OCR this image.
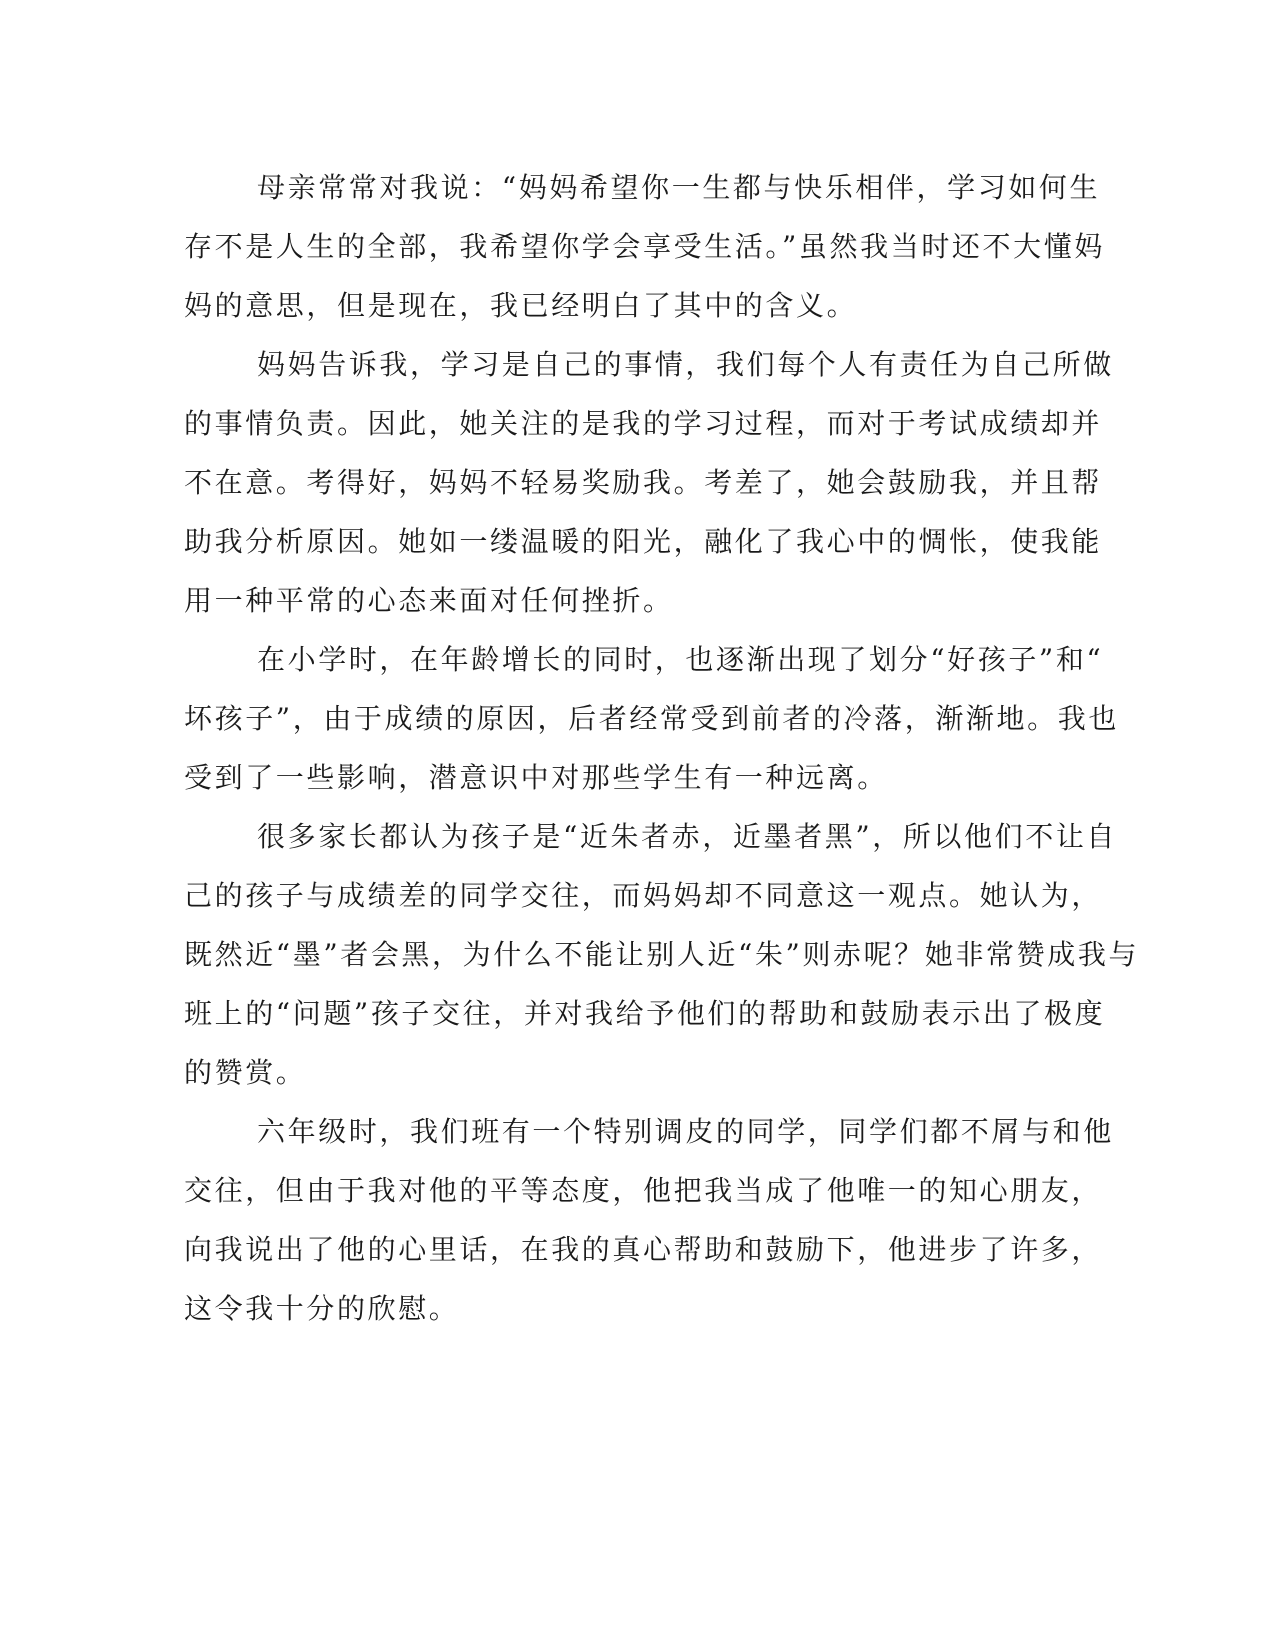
母亲常常对我说：“妈妈希望你一生都与快乐相伴，学习如何生
存不是人生的全部，我希望你学会享受生活。”虽然我当时还不大懂妈
妈的意思，但是现在，我已经明白了其中的含义。
妈妈告诉我，学习是自己的事情，我们每个人有责任为自己所做
的事情负责。因此，她关注的是我的学习过程，而对于考试成绩却并
不在意。考得好，妈妈不轻易奖励我。考差了，她会鼓励我，并且帮
助我分析原因。她如一缕温暖的阳光，融化了我心中的惆怅，使我能
用一种平常的心态来面对任何挫折。
在小学时，在年龄增长的同时，也逐渐出现了划分“好孩子”和“
坏孩子”，由于成绩的原因，后者经常受到前者的冷落，渐渐地。我也
受到了一些影响，潜意识中对那些学生有一种远离。
很多家长都认为孩子是“近朱者赤，近墨者黑”，所以他们不让自
己的孩子与成绩差的同学交往，而妈妈却不同意这一观点。她认为，
既然近“墨”者会黑，为什么不能让别人近“朱”则赤呢？她非常赞成我与
班上的“问题”孩子交往，并对我给予他们的帮助和鼓励表示出了极度
的赞赏。
六年级时，我们班有一个特别调皮的同学，同学们都不屑与和他
交往，但由于我对他的平等态度，他把我当成了他唯一的知心朋友，
向我说出了他的心里话，在我的真心帮助和鼓励下，他进步了许多，
这令我十分的欣慰。
